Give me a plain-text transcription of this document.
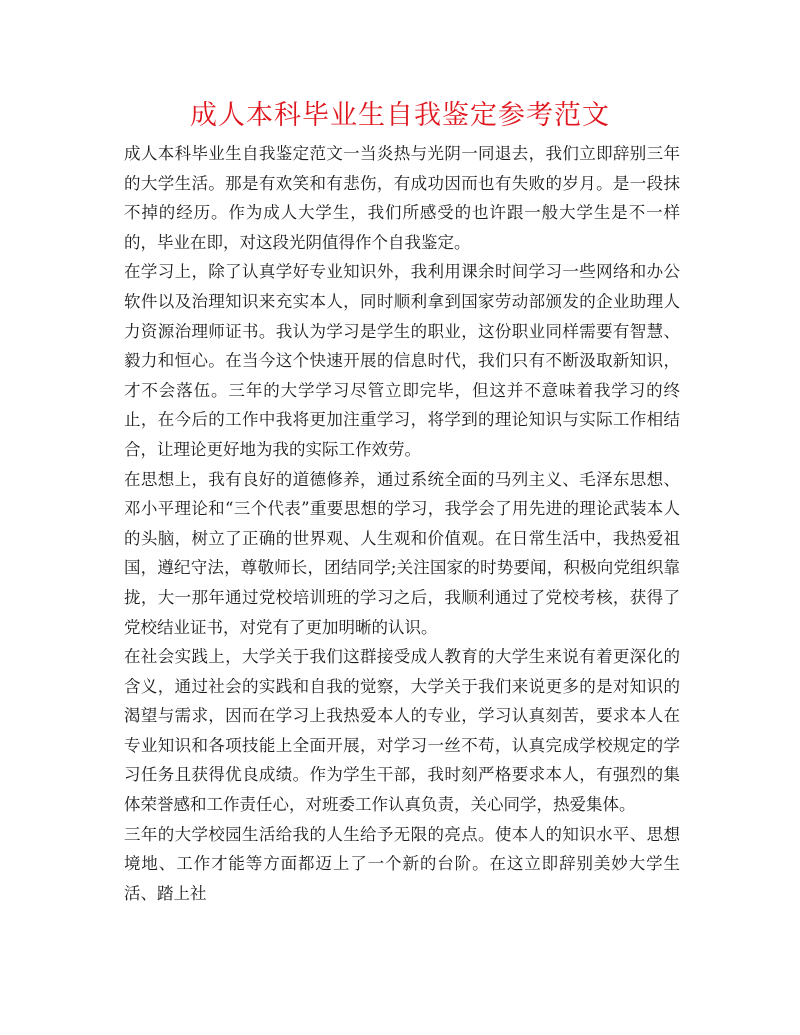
成人本科毕业生自我鉴定参考范文

成人本科毕业生自我鉴定范文一当炎热与光阴一同退去，我们立即辞别三年的大学生活。那是有欢笑和有悲伤，有成功因而也有失败的岁月。是一段抹不掉的经历。作为成人大学生，我们所感受的也许跟一般大学生是不一样的，毕业在即，对这段光阴值得作个自我鉴定。

在学习上，除了认真学好专业知识外，我利用课余时间学习一些网络和办公软件以及治理知识来充实本人，同时顺利拿到国家劳动部颁发的企业助理人力资源治理师证书。我认为学习是学生的职业，这份职业同样需要有智慧、毅力和恒心。在当今这个快速开展的信息时代，我们只有不断汲取新知识，才不会落伍。三年的大学学习尽管立即完毕，但这并不意味着我学习的终止，在今后的工作中我将更加注重学习，将学到的理论知识与实际工作相结合，让理论更好地为我的实际工作效劳。

在思想上，我有良好的道德修养，通过系统全面的马列主义、毛泽东思想、邓小平理论和“三个代表”重要思想的学习，我学会了用先进的理论武装本人的头脑，树立了正确的世界观、人生观和价值观。在日常生活中，我热爱祖国，遵纪守法，尊敬师长，团结同学;关注国家的时势要闻，积极向党组织靠拢，大一那年通过党校培训班的学习之后，我顺利通过了党校考核，获得了党校结业证书，对党有了更加明晰的认识。

在社会实践上，大学关于我们这群接受成人教育的大学生来说有着更深化的含义，通过社会的实践和自我的觉察，大学关于我们来说更多的是对知识的渴望与需求，因而在学习上我热爱本人的专业，学习认真刻苦，要求本人在专业知识和各项技能上全面开展，对学习一丝不苟，认真完成学校规定的学习任务且获得优良成绩。作为学生干部，我时刻严格要求本人，有强烈的集体荣誉感和工作责任心，对班委工作认真负责，关心同学，热爱集体。

三年的大学校园生活给我的人生给予无限的亮点。使本人的知识水平、思想境地、工作才能等方面都迈上了一个新的台阶。在这立即辞别美妙大学生活、踏上社
